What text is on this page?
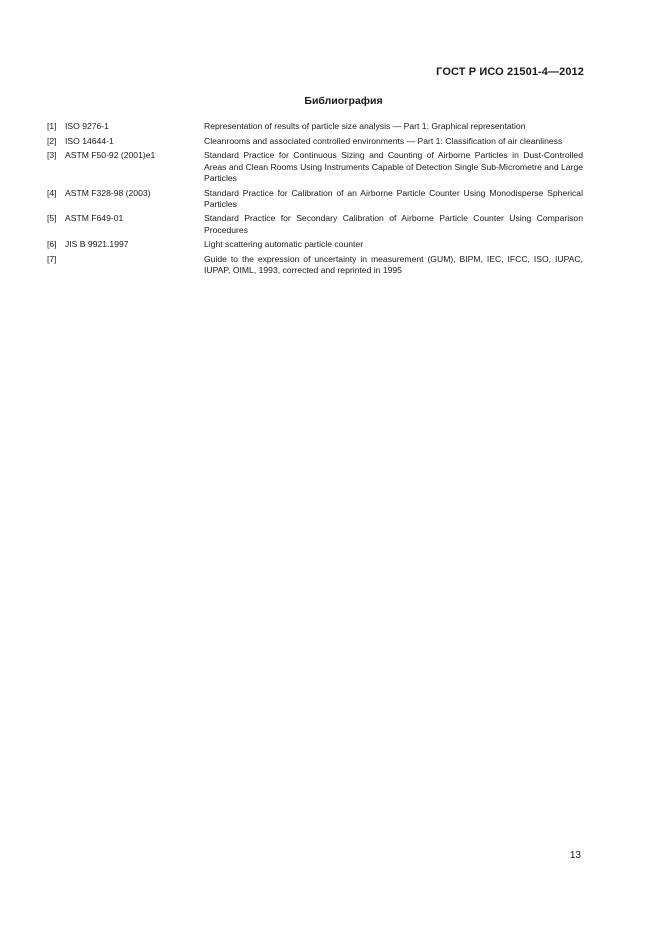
ГОСТ Р ИСО 21501-4—2012
Библиография
[1] ISO 9276-1	Representation of results of particle size analysis — Part 1: Graphical representation
[2] ISO 14644-1	Cleanrooms and associated controlled environments — Part 1: Classification of air cleanliness
[3] ASTM F50-92 (2001)e1	Standard Practice for Continuous Sizing and Counting of Airborne Particles in Dust-Controlled Areas and Clean Rooms Using Instruments Capable of Detection Single Sub-Micrometre and Large Particles
[4] ASTM F328-98 (2003)	Standard Practice for Calibration of an Airborne Particle Counter Using Monodisperse Spherical Particles
[5] ASTM F649-01	Standard Practice for Secondary Calibration of Airborne Particle Counter Using Comparison Procedures
[6] JIS B 9921.1997	Light scattering automatic particle counter
[7]	Guide to the expression of uncertainty in measurement (GUM), BIPM, IEC, IFCC, ISO, IUPAC, IUPAP, OIML, 1993, corrected and reprinted in 1995
13
